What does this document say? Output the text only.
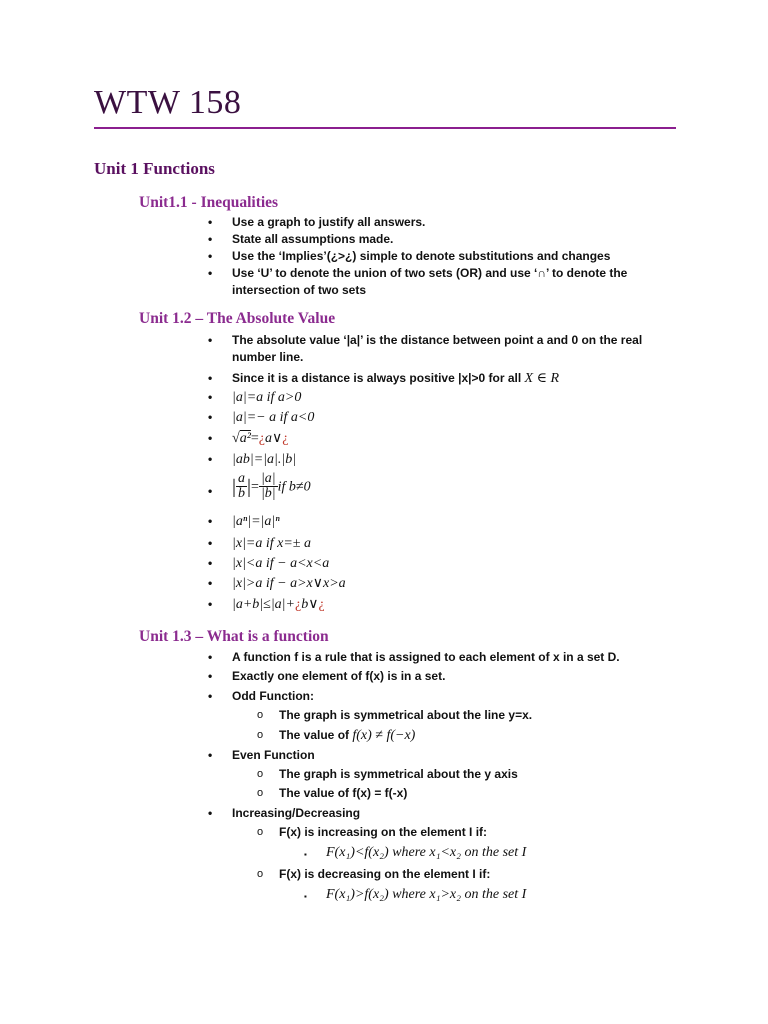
WTW 158
Unit 1 Functions
Unit1.1 - Inequalities
• Use a graph to justify all answers.
• State all assumptions made.
• Use the ‘Implies’(¿>¿) simple to denote substitutions and changes
• Use ‘U’ to denote the union of two sets (OR) and use ‘∩’ to denote the
intersection of two sets
Unit 1.2 – The Absolute Value
• The absolute value ‘|a|’ is the distance between point a and 0 on the real
number line.
• Since it is a distance is always positive |x|>0 for all X ∈ R
• |a|=a if a>0
• |a|=− a if a<0
• √a²=¿a∨¿
• |ab|=|a|.|b|
• | $\frac{a}{b}$ |= $\frac{|a|}{|b|}$ if b≠0
• |aⁿ|=|a|ⁿ
• |x|=a if x=± a
• |x|<a if − a<x<a
• |x|>a if − a>x∨x>a
• |a+b|≤|a|+¿b∨¿
Unit 1.3 – What is a function
• A function f is a rule that is assigned to each element of x in a set D.
• Exactly one element of f(x) is in a set.
• Odd Function:
o The graph is symmetrical about the line y=x.
o The value of f(x) ≠ f(−x)
• Even Function
o The graph is symmetrical about the y axis
o The value of f(x) = f(-x)
• Increasing/Decreasing
o F(x) is increasing on the element I if:
▪ F(x₁)<f(x₂) where x₁<x₂ on the set I
o F(x) is decreasing on the element I if:
▪ F(x₁)>f(x₂) where x₁>x₂ on the set I
